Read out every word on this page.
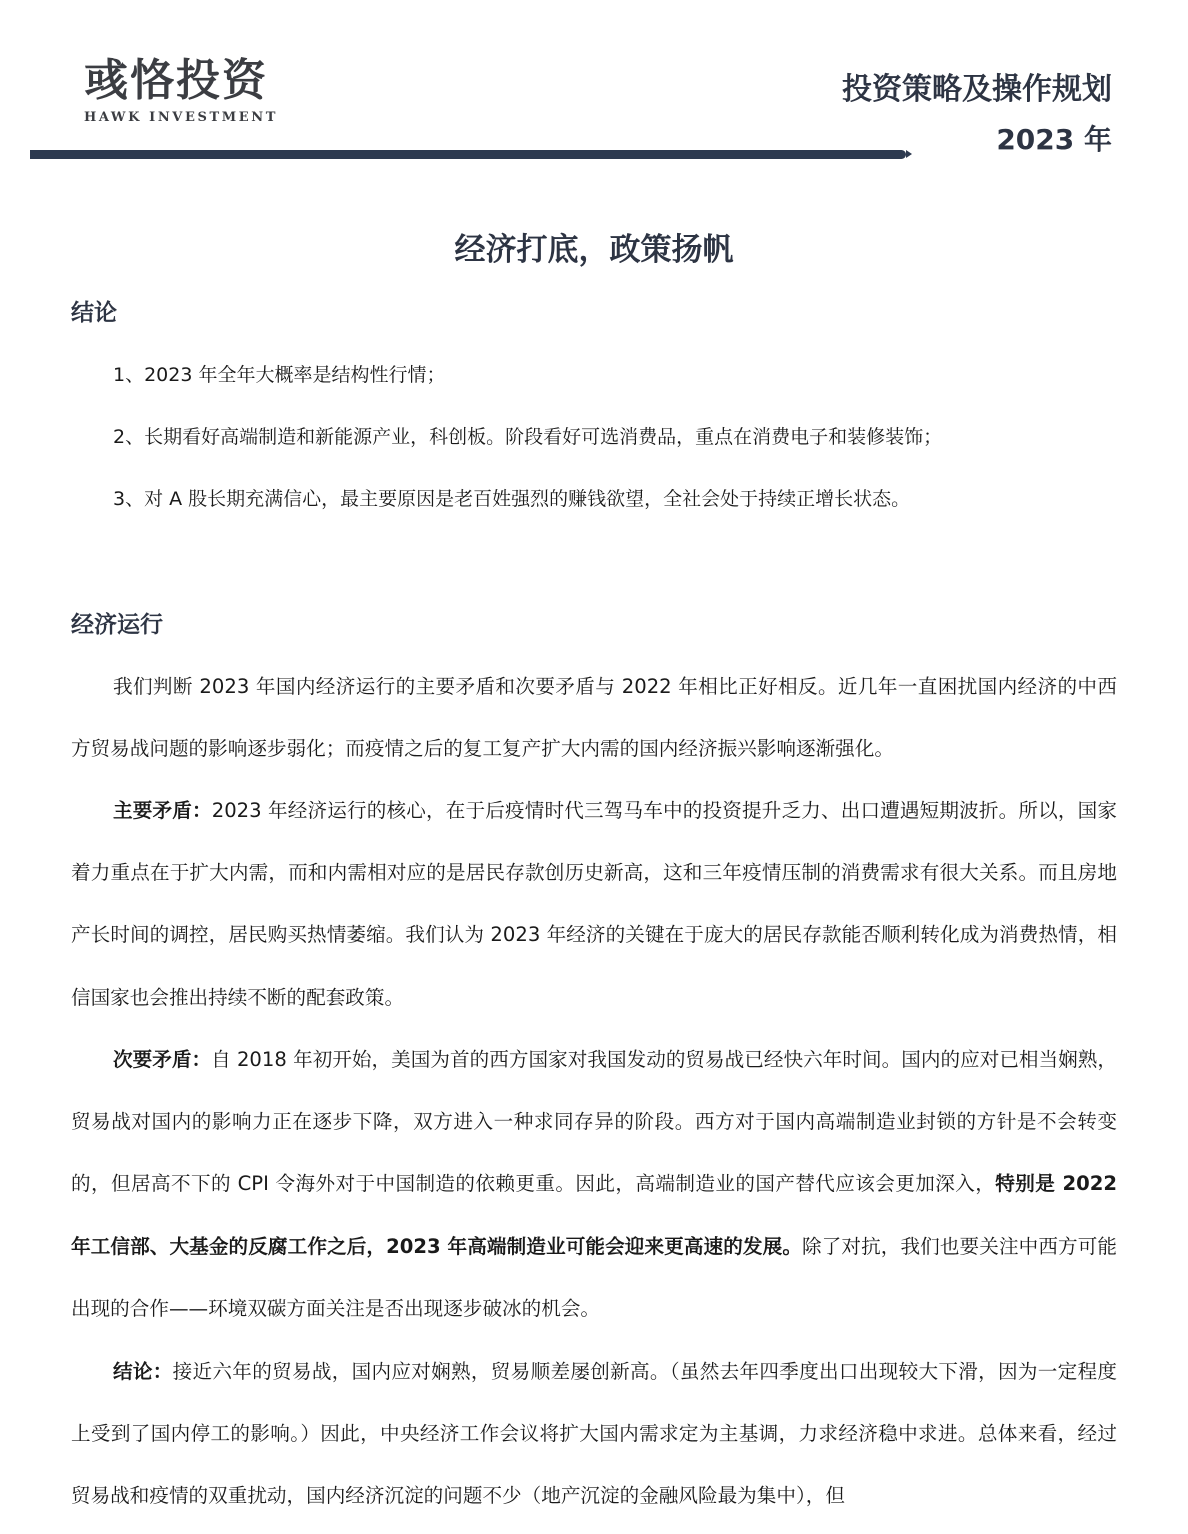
彧恪投资
HAWK INVESTMENT
投资策略及操作规划
2023 年
经济打底，政策扬帆
结论
1、2023 年全年大概率是结构性行情；
2、长期看好高端制造和新能源产业，科创板。阶段看好可选消费品，重点在消费电子和装修装饰；
3、对 A 股长期充满信心，最主要原因是老百姓强烈的赚钱欲望，全社会处于持续正增长状态。
经济运行

我们判断 2023 年国内经济运行的主要矛盾和次要矛盾与 2022 年相比正好相反。近几年一直困扰国内经济的中西方贸易战问题的影响逐步弱化；而疫情之后的复工复产扩大内需的国内经济振兴影响逐渐强化。

主要矛盾：2023 年经济运行的核心，在于后疫情时代三驾马车中的投资提升乏力、出口遭遇短期波折。所以，国家着力重点在于扩大内需，而和内需相对应的是居民存款创历史新高，这和三年疫情压制的消费需求有很大关系。而且房地产长时间的调控，居民购买热情萎缩。我们认为 2023 年经济的关键在于庞大的居民存款能否顺利转化成为消费热情，相信国家也会推出持续不断的配套政策。

次要矛盾：自 2018 年初开始，美国为首的西方国家对我国发动的贸易战已经快六年时间。国内的应对已相当娴熟，贸易战对国内的影响力正在逐步下降，双方进入一种求同存异的阶段。西方对于国内高端制造业封锁的方针是不会转变的，但居高不下的 CPI 令海外对于中国制造的依赖更重。因此，高端制造业的国产替代应该会更加深入，特别是 2022 年工信部、大基金的反腐工作之后，2023 年高端制造业可能会迎来更高速的发展。除了对抗，我们也要关注中西方可能出现的合作——环境双碳方面关注是否出现逐步破冰的机会。

结论：接近六年的贸易战，国内应对娴熟，贸易顺差屡创新高。（虽然去年四季度出口出现较大下滑，因为一定程度上受到了国内停工的影响。）因此，中央经济工作会议将扩大国内需求定为主基调，力求经济稳中求进。总体来看，经过贸易战和疫情的双重扰动，国内经济沉淀的问题不少（地产沉淀的金融风险最为集中），但
